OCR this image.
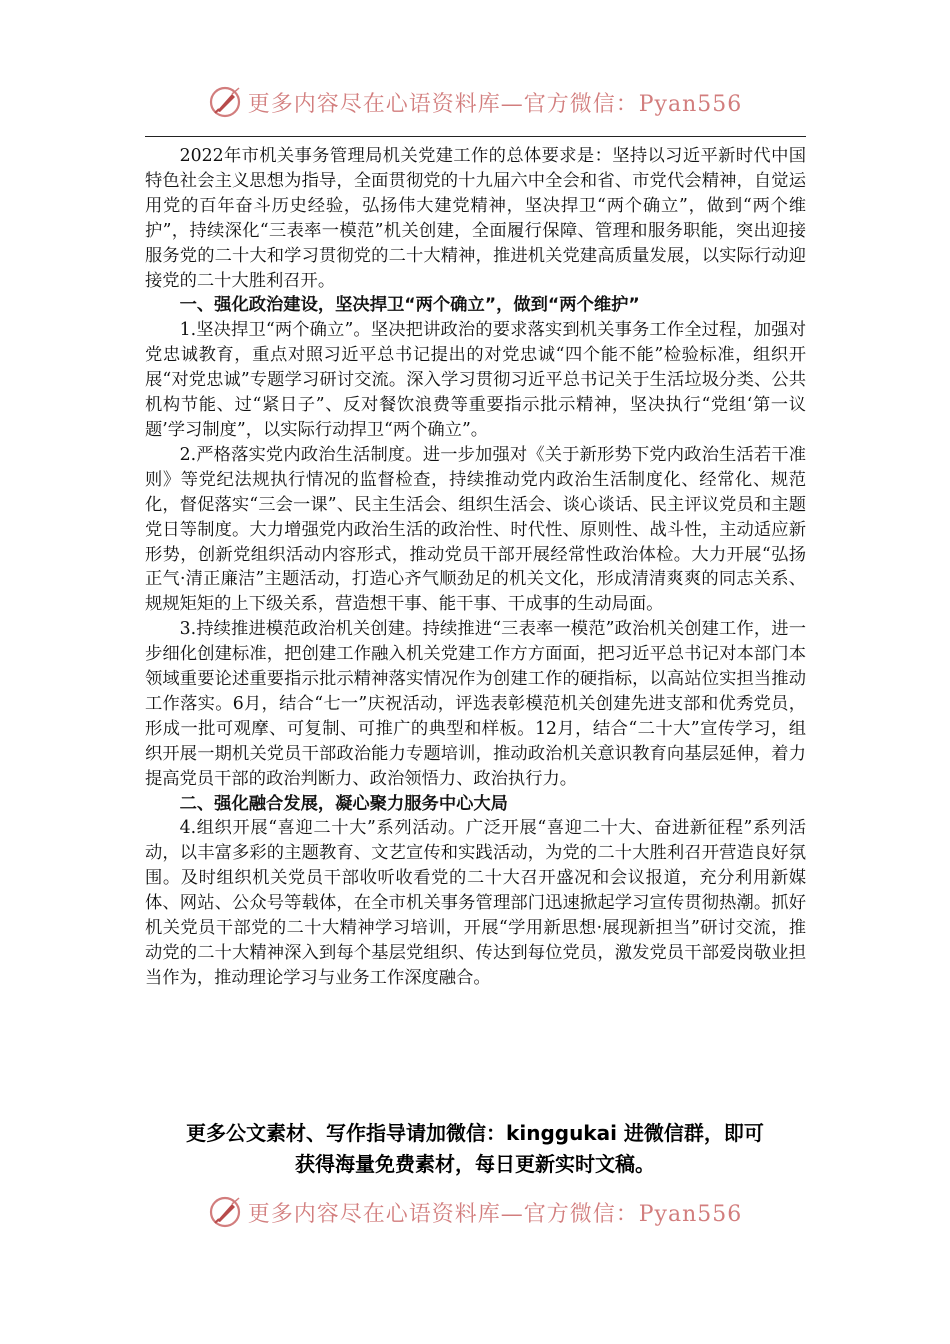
更多内容尽在心语资料库—官方微信：Pyan556

2022年市机关事务管理局机关党建工作的总体要求是：坚持以习近平新时代中国特色社会主义思想为指导，全面贯彻党的十九届六中全会和省、市党代会精神，自觉运用党的百年奋斗历史经验，弘扬伟大建党精神，坚决捍卫“两个确立”，做到“两个维护”，持续深化“三表率一模范”机关创建，全面履行保障、管理和服务职能，突出迎接服务党的二十大和学习贯彻党的二十大精神，推进机关党建高质量发展，以实际行动迎接党的二十大胜利召开。

一、强化政治建设，坚决捍卫“两个确立”，做到“两个维护”

1.坚决捍卫“两个确立”。坚决把讲政治的要求落实到机关事务工作全过程，加强对党忠诚教育，重点对照习近平总书记提出的对党忠诚“四个能不能”检验标准，组织开展“对党忠诚”专题学习研讨交流。深入学习贯彻习近平总书记关于生活垃圾分类、公共机构节能、过“紧日子”、反对餐饮浪费等重要指示批示精神，坚决执行“党组‘第一议题’学习制度”，以实际行动捍卫“两个确立”。

2.严格落实党内政治生活制度。进一步加强对《关于新形势下党内政治生活若干准则》等党纪法规执行情况的监督检查，持续推动党内政治生活制度化、经常化、规范化，督促落实“三会一课”、民主生活会、组织生活会、谈心谈话、民主评议党员和主题党日等制度。大力增强党内政治生活的政治性、时代性、原则性、战斗性，主动适应新形势，创新党组织活动内容形式，推动党员干部开展经常性政治体检。大力开展“弘扬正气·清正廉洁”主题活动，打造心齐气顺劲足的机关文化，形成清清爽爽的同志关系、规规矩矩的上下级关系，营造想干事、能干事、干成事的生动局面。

3.持续推进模范政治机关创建。持续推进“三表率一模范”政治机关创建工作，进一步细化创建标准，把创建工作融入机关党建工作方方面面，把习近平总书记对本部门本领域重要论述重要指示批示精神落实情况作为创建工作的硬指标，以高站位实担当推动工作落实。6月，结合“七一”庆祝活动，评选表彰模范机关创建先进支部和优秀党员，形成一批可观摩、可复制、可推广的典型和样板。12月，结合“二十大”宣传学习，组织开展一期机关党员干部政治能力专题培训，推动政治机关意识教育向基层延伸，着力提高党员干部的政治判断力、政治领悟力、政治执行力。

二、强化融合发展，凝心聚力服务中心大局

4.组织开展“喜迎二十大”系列活动。广泛开展“喜迎二十大、奋进新征程”系列活动，以丰富多彩的主题教育、文艺宣传和实践活动，为党的二十大胜利召开营造良好氛围。及时组织机关党员干部收听收看党的二十大召开盛况和会议报道，充分利用新媒体、网站、公众号等载体，在全市机关事务管理部门迅速掀起学习宣传贯彻热潮。抓好机关党员干部党的二十大精神学习培训，开展“学用新思想·展现新担当”研讨交流，推动党的二十大精神深入到每个基层党组织、传达到每位党员，激发党员干部爱岗敬业担当作为，推动理论学习与业务工作深度融合。

更多公文素材、写作指导请加微信：kinggukai 进微信群，即可
获得海量免费素材，每日更新实时文稿。
更多内容尽在心语资料库—官方微信：Pyan556
